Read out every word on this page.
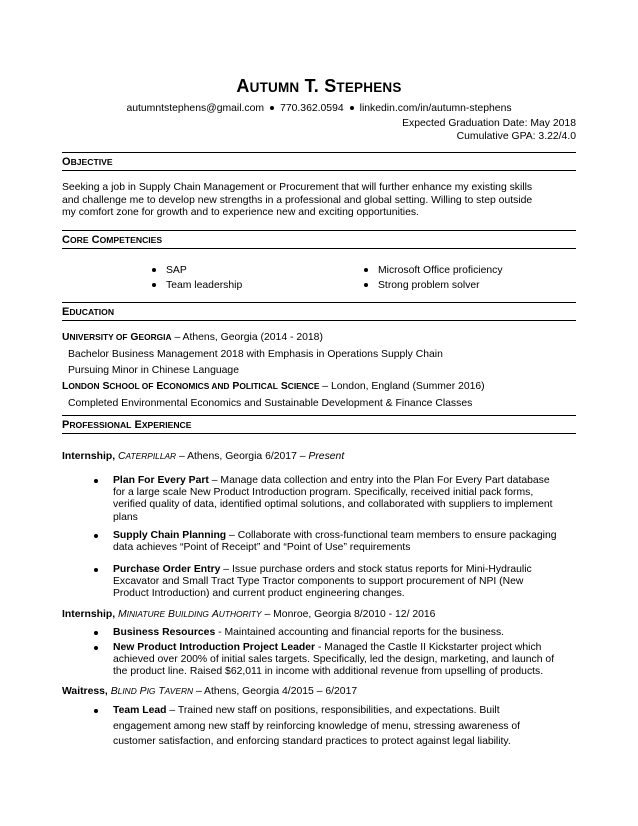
AUTUMN T. STEPHENS
autumntstephens@gmail.com 770.362.0594 linkedin.com/in/autumn-stephens
Expected Graduation Date: May 2018
Cumulative GPA: 3.22/4.0
OBJECTIVE
Seeking a job in Supply Chain Management or Procurement that will further enhance my existing skills
and challenge me to develop new strengths in a professional and global setting. Willing to step outside
my comfort zone for growth and to experience new and exciting opportunities.
CORE COMPETENCIES
SAP
Team leadership
Microsoft Office proficiency
Strong problem solver
EDUCATION
UNIVERSITY OF GEORGIA – Athens, Georgia (2014 - 2018)
Bachelor Business Management 2018 with Emphasis in Operations Supply Chain
Pursuing Minor in Chinese Language
LONDON SCHOOL OF ECONOMICS AND POLITICAL SCIENCE – London, England (Summer 2016)
Completed Environmental Economics and Sustainable Development & Finance Classes
PROFESSIONAL EXPERIENCE
Internship, CATERPILLAR – Athens, Georgia 6/2017 – Present
Plan For Every Part – Manage data collection and entry into the Plan For Every Part database
for a large scale New Product Introduction program. Specifically, received initial pack forms,
verified quality of data, identified optimal solutions, and collaborated with suppliers to implement
plans
Supply Chain Planning – Collaborate with cross-functional team members to ensure packaging
data achieves “Point of Receipt” and “Point of Use” requirements
Purchase Order Entry – Issue purchase orders and stock status reports for Mini-Hydraulic
Excavator and Small Tract Type Tractor components to support procurement of NPI (New
Product Introduction) and current product engineering changes.
Internship, MINIATURE BUILDING AUTHORITY – Monroe, Georgia 8/2010 - 12/ 2016
Business Resources - Maintained accounting and financial reports for the business.
New Product Introduction Project Leader - Managed the Castle II Kickstarter project which
achieved over 200% of initial sales targets. Specifically, led the design, marketing, and launch of
the product line. Raised $62,011 in income with additional revenue from upselling of products.
Waitress, BLIND PIG TAVERN – Athens, Georgia 4/2015 – 6/2017
Team Lead – Trained new staff on positions, responsibilities, and expectations. Built
engagement among new staff by reinforcing knowledge of menu, stressing awareness of
customer satisfaction, and enforcing standard practices to protect against legal liability.
